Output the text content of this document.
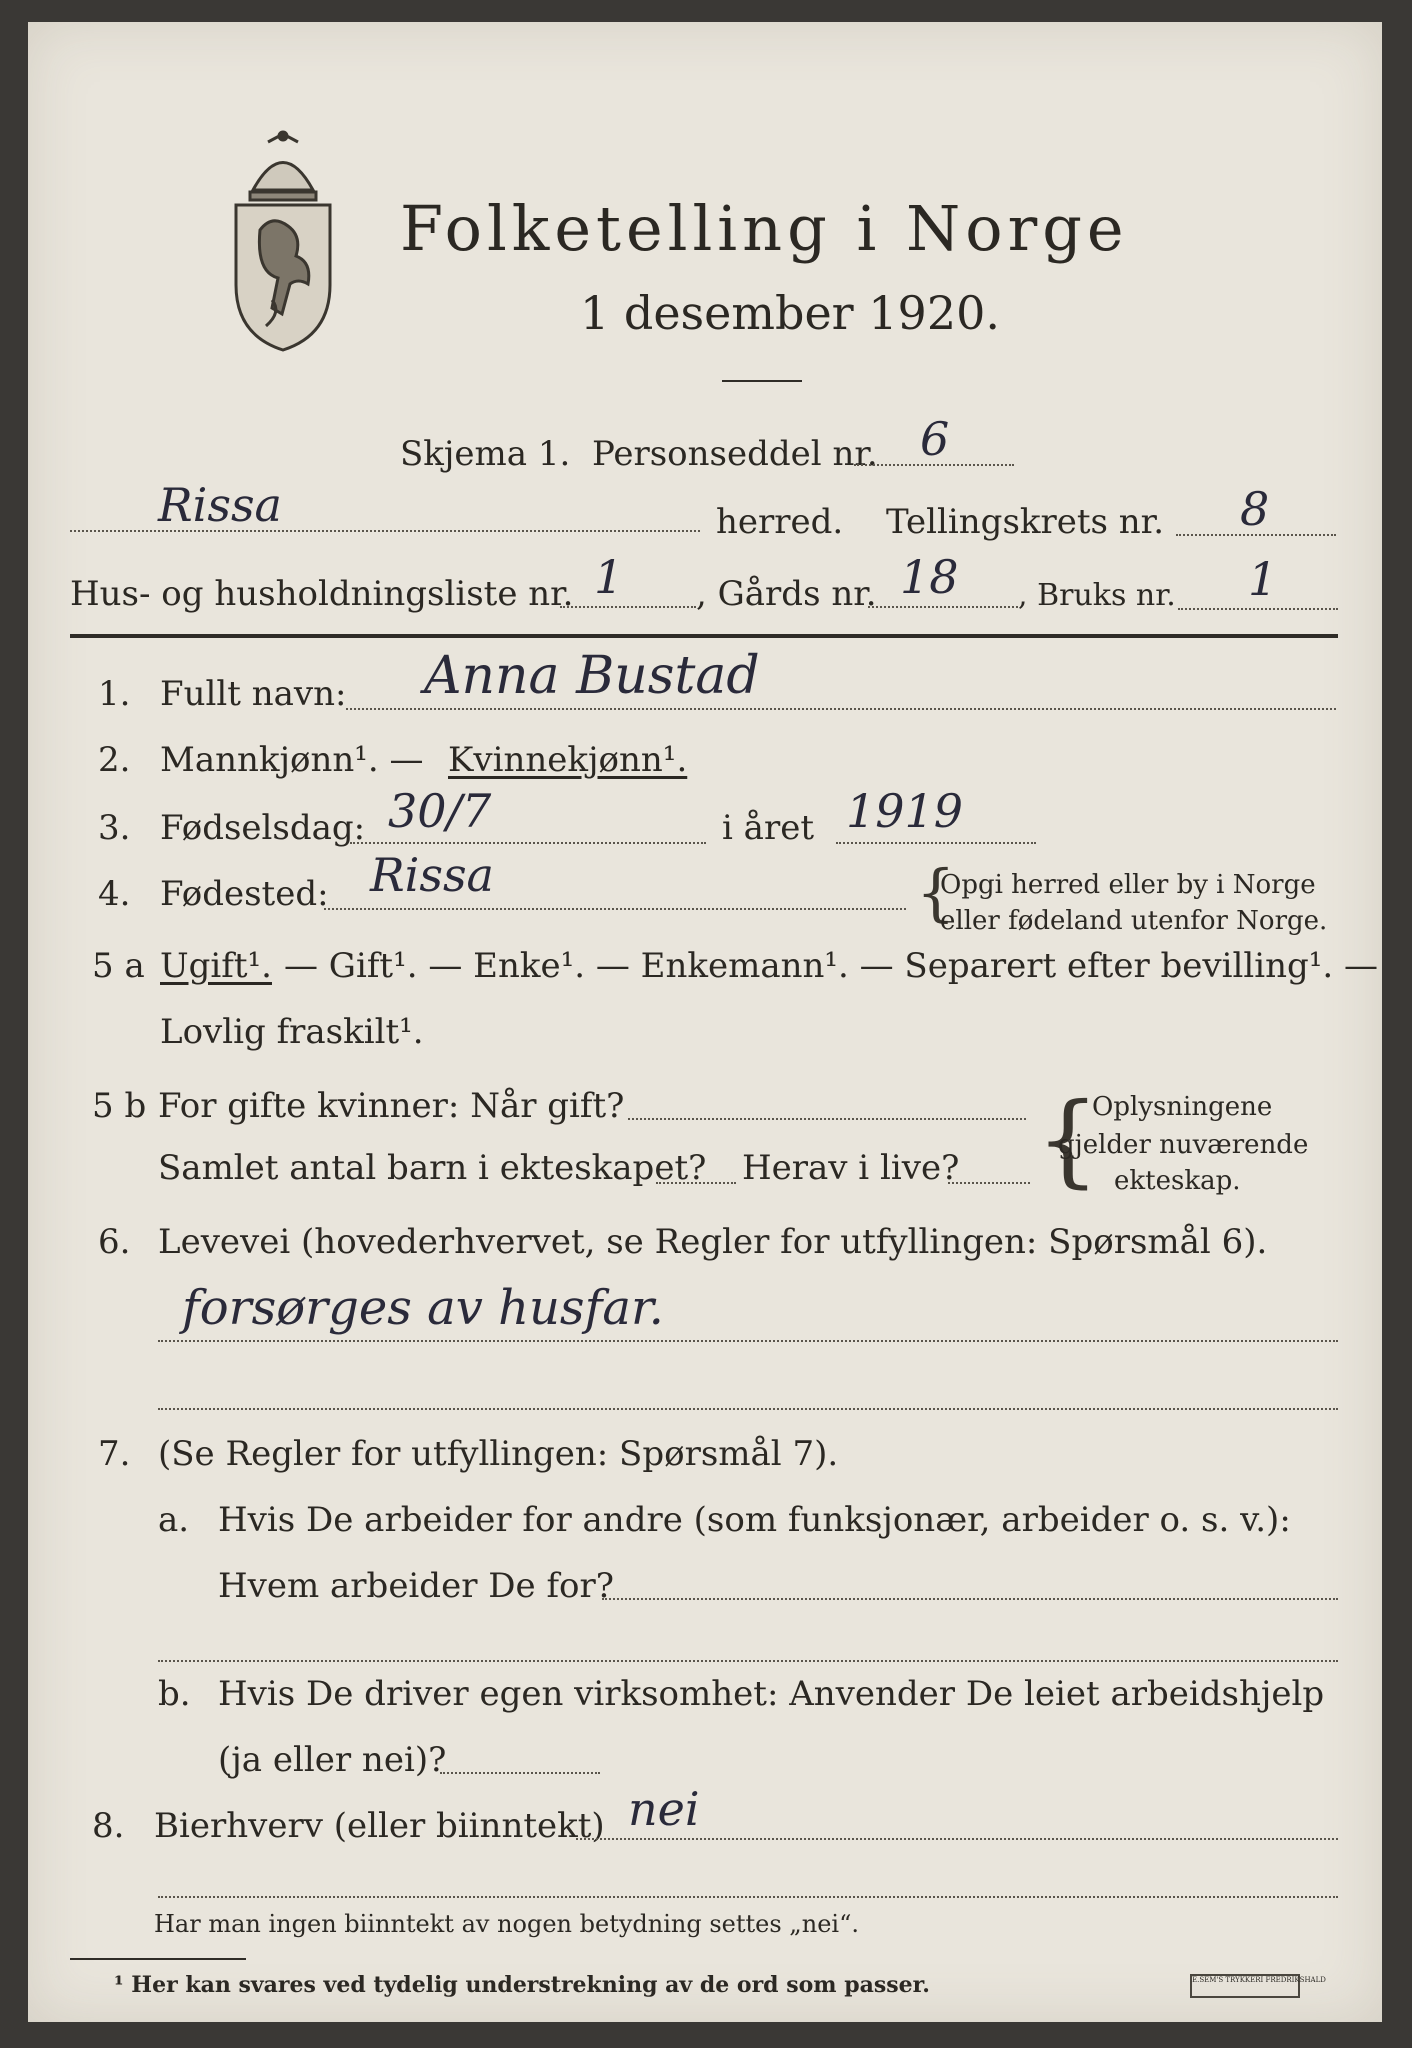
Folketelling i Norge
1 desember 1920.
Skjema 1. Personseddel nr. 6
Rissa	herred. Tellingskrets nr. 8
Hus- og husholdningsliste nr. 1 , Gårds nr. 18 , Bruks nr. 1
1. Fullt navn: Anna Bustad
2. Mannkjønn¹. — Kvinnekjønn¹.
3. Fødselsdag: 30/7	i året 1919
4. Fødested: Rissa	{
Opgi herred eller by i Norge
eller fødeland utenfor Norge.
5 a Ugift¹. — Gift¹. — Enke¹. — Enkemann¹. — Separert efter bevilling¹. —
Lovlig fraskilt¹.
5 b For gifte kvinner: Når gift?
Samlet antal barn i ekteskapet? Herav i live? {
Oplysningene
gjelder nuværende
ekteskap.
6. Levevei (hovederhvervet, se Regler for utfyllingen: Spørsmål 6).
forsørges av husfar.
7. (Se Regler for utfyllingen: Spørsmål 7).
a. Hvis De arbeider for andre (som funksjonær, arbeider o. s. v.):
Hvem arbeider De for?
b. Hvis De driver egen virksomhet: Anvender De leiet arbeidshjelp
(ja eller nei)?
8. Bierhverv (eller biinntekt) nei
Har man ingen biinntekt av nogen betydning settes „nei“.
¹ Her kan svares ved tydelig understrekning av de ord som passer.	E.SEM'S TRYKKERI FREDRIKSHALD
